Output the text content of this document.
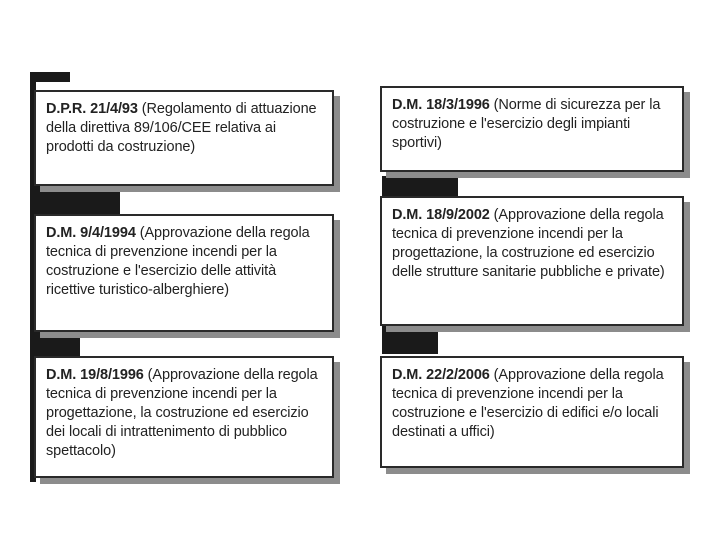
D.P.R. 21/4/93 (Regolamento di attuazione della direttiva 89/106/CEE relativa ai prodotti da costruzione)
D.M. 9/4/1994 (Approvazione della regola tecnica di prevenzione incendi per la costruzione e l'esercizio delle attività ricettive turistico-alberghiere)
D.M. 19/8/1996 (Approvazione della regola tecnica di prevenzione incendi per la progettazione, la costruzione ed esercizio dei locali di intrattenimento di pubblico spettacolo)
D.M. 18/3/1996 (Norme di sicurezza per la costruzione e l'esercizio degli impianti sportivi)
D.M. 18/9/2002 (Approvazione della regola tecnica di prevenzione incendi per la progettazione, la costruzione ed esercizio delle strutture sanitarie pubbliche e private)
D.M. 22/2/2006 (Approvazione della regola tecnica di prevenzione incendi per la costruzione e l'esercizio di edifici e/o locali destinati a uffici)
